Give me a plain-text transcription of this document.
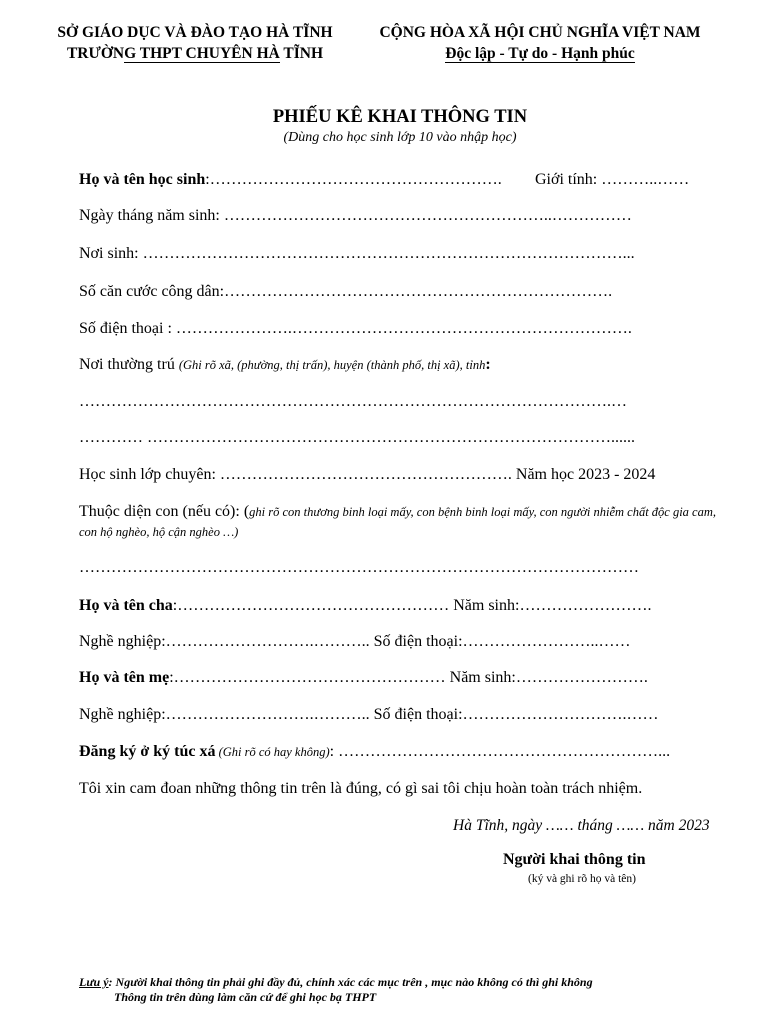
SỞ GIÁO DỤC VÀ ĐÀO TẠO HÀ TĨNH
TRƯỜNG THPT CHUYÊN HÀ TĨNH
CỘNG HÒA XÃ HỘI CHỦ NGHĨA VIỆT NAM
Độc lập - Tự do - Hạnh phúc
PHIẾU KÊ KHAI THÔNG TIN
(Dùng cho học sinh lớp 10 vào nhập học)
Họ và tên học sinh:………………………………………………. Giới tính: ………..……
Ngày tháng năm sinh: ……………………………………………………..……………
Nơi sinh: ………………………………………………………………………………...
Số căn cước công dân:……………………………………………………………….
Số điện thoại : ………………….……………………………………………………….
Nơi thường trú (Ghi rõ xã, (phường, thị trấn), huyện (thành phố, thị xã), tỉnh:
……………………………………………………………………………………….…
………… ……………………………………………………………………………......
Học sinh lớp chuyên: ………………………………………………. Năm học 2023 - 2024
Thuộc diện con (nếu có): (ghi rõ con thương binh loại mấy, con bệnh binh loại mấy, con người nhiễm chất độc gia cam, con hộ nghèo, hộ cận nghèo …)
……………………………………………………………………………………………
Họ và tên cha:…………………………………………… Năm sinh:…………………….
Nghề nghiệp:……………………….……….. Số điện thoại:……………………..……
Họ và tên mẹ:…………………………………………… Năm sinh:…………………….
Nghề nghiệp:……………………….……….. Số điện thoại:………………………….……
Đăng ký ở ký túc xá (Ghi rõ có hay không): ……………………………………………………...
Tôi xin cam đoan những thông tin trên là đúng, có gì sai tôi chịu hoàn toàn trách nhiệm.
Hà Tĩnh, ngày …… tháng …… năm 2023
Người khai thông tin
(ký và ghi rõ họ và tên)
Lưu ý: Người khai thông tin phải ghi đầy đủ, chính xác các mục trên , mục nào không có thì ghi không
Thông tin trên dùng làm căn cứ để ghi học bạ THPT
